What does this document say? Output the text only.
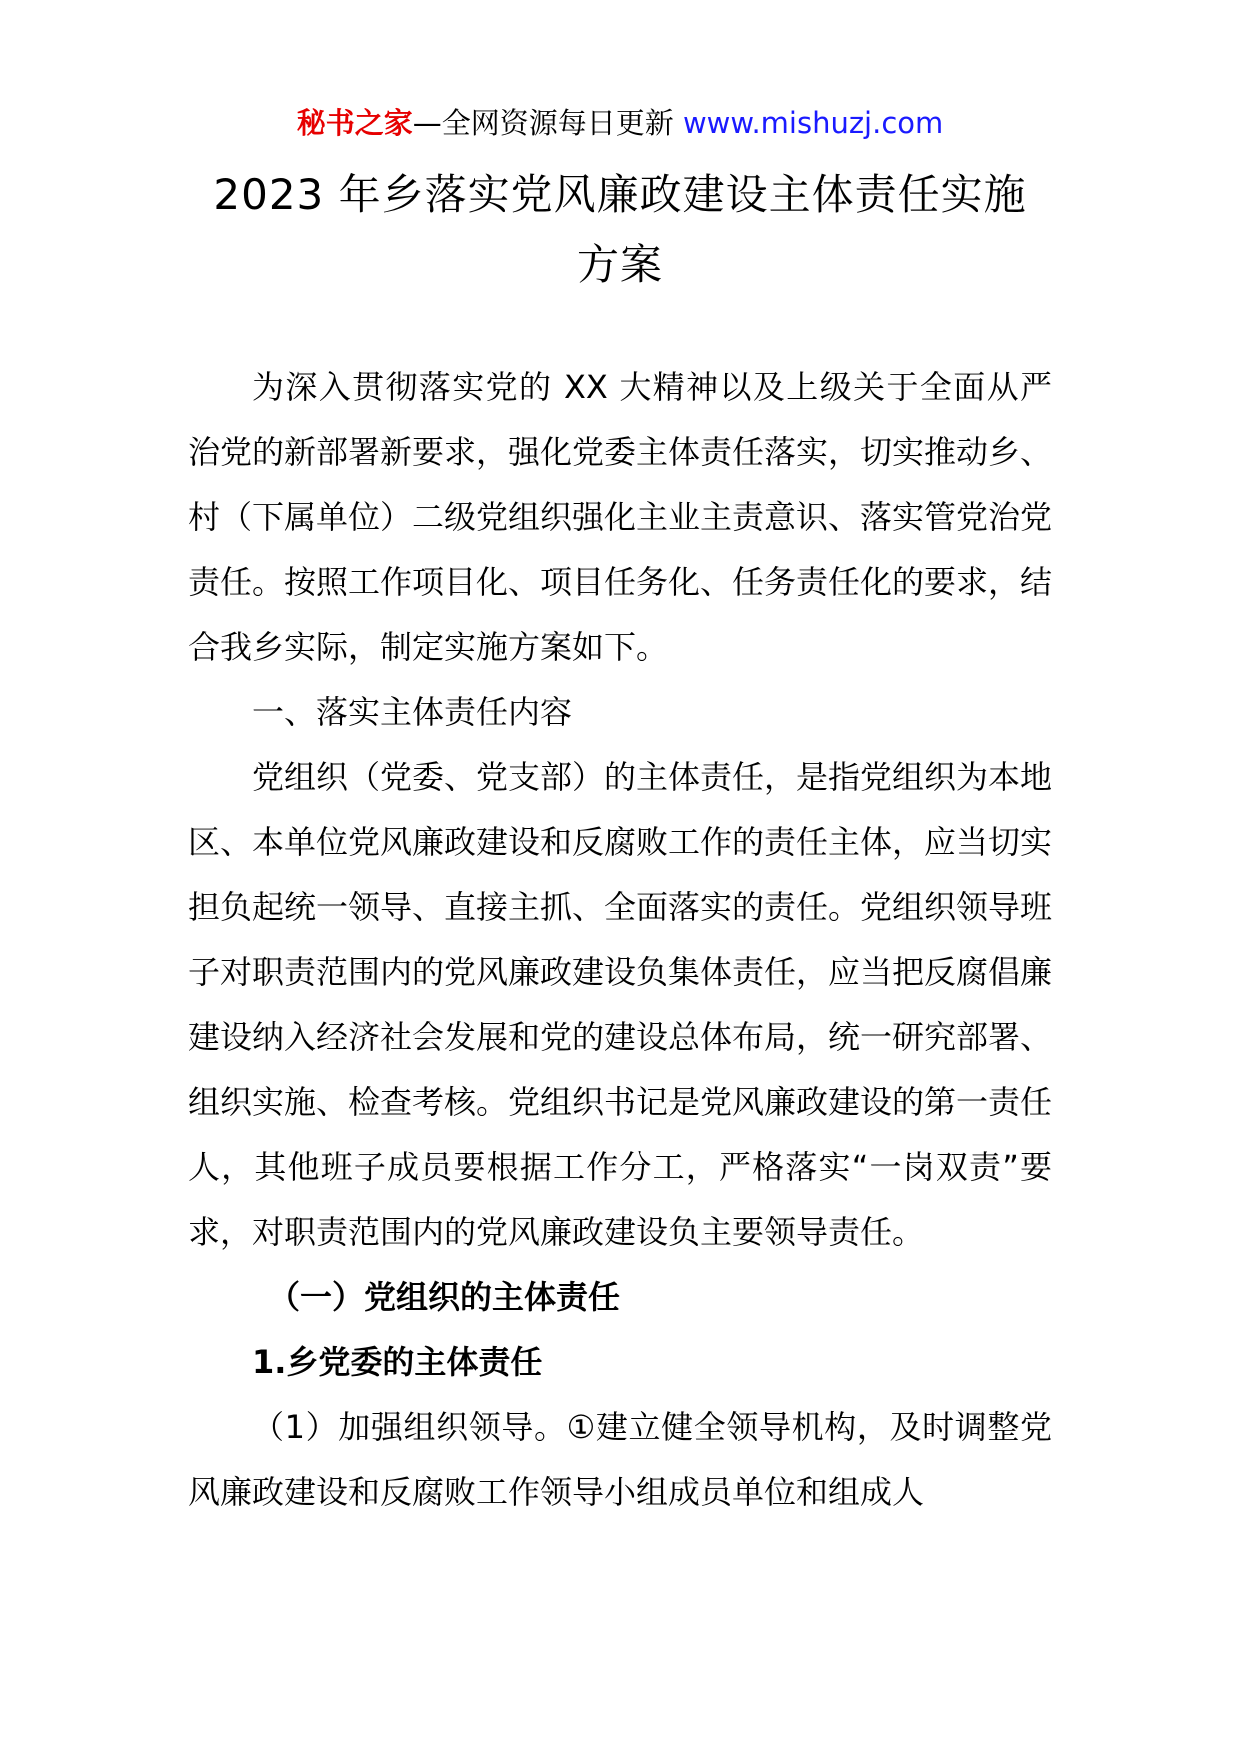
秘书之家—全网资源每日更新 www.mishuzj.com
2023 年乡落实党风廉政建设主体责任实施
方案

为深入贯彻落实党的 XX 大精神以及上级关于全面从严治党的新部署新要求，强化党委主体责任落实，切实推动乡、村（下属单位）二级党组织强化主业主责意识、落实管党治党责任。按照工作项目化、项目任务化、任务责任化的要求，结合我乡实际，制定实施方案如下。

一、落实主体责任内容

党组织（党委、党支部）的主体责任，是指党组织为本地区、本单位党风廉政建设和反腐败工作的责任主体，应当切实担负起统一领导、直接主抓、全面落实的责任。党组织领导班子对职责范围内的党风廉政建设负集体责任，应当把反腐倡廉建设纳入经济社会发展和党的建设总体布局，统一研究部署、组织实施、检查考核。党组织书记是党风廉政建设的第一责任人，其他班子成员要根据工作分工，严格落实“一岗双责”要求，对职责范围内的党风廉政建设负主要领导责任。

（一）党组织的主体责任

1.乡党委的主体责任

（1）加强组织领导。①建立健全领导机构，及时调整党风廉政建设和反腐败工作领导小组成员单位和组成人
